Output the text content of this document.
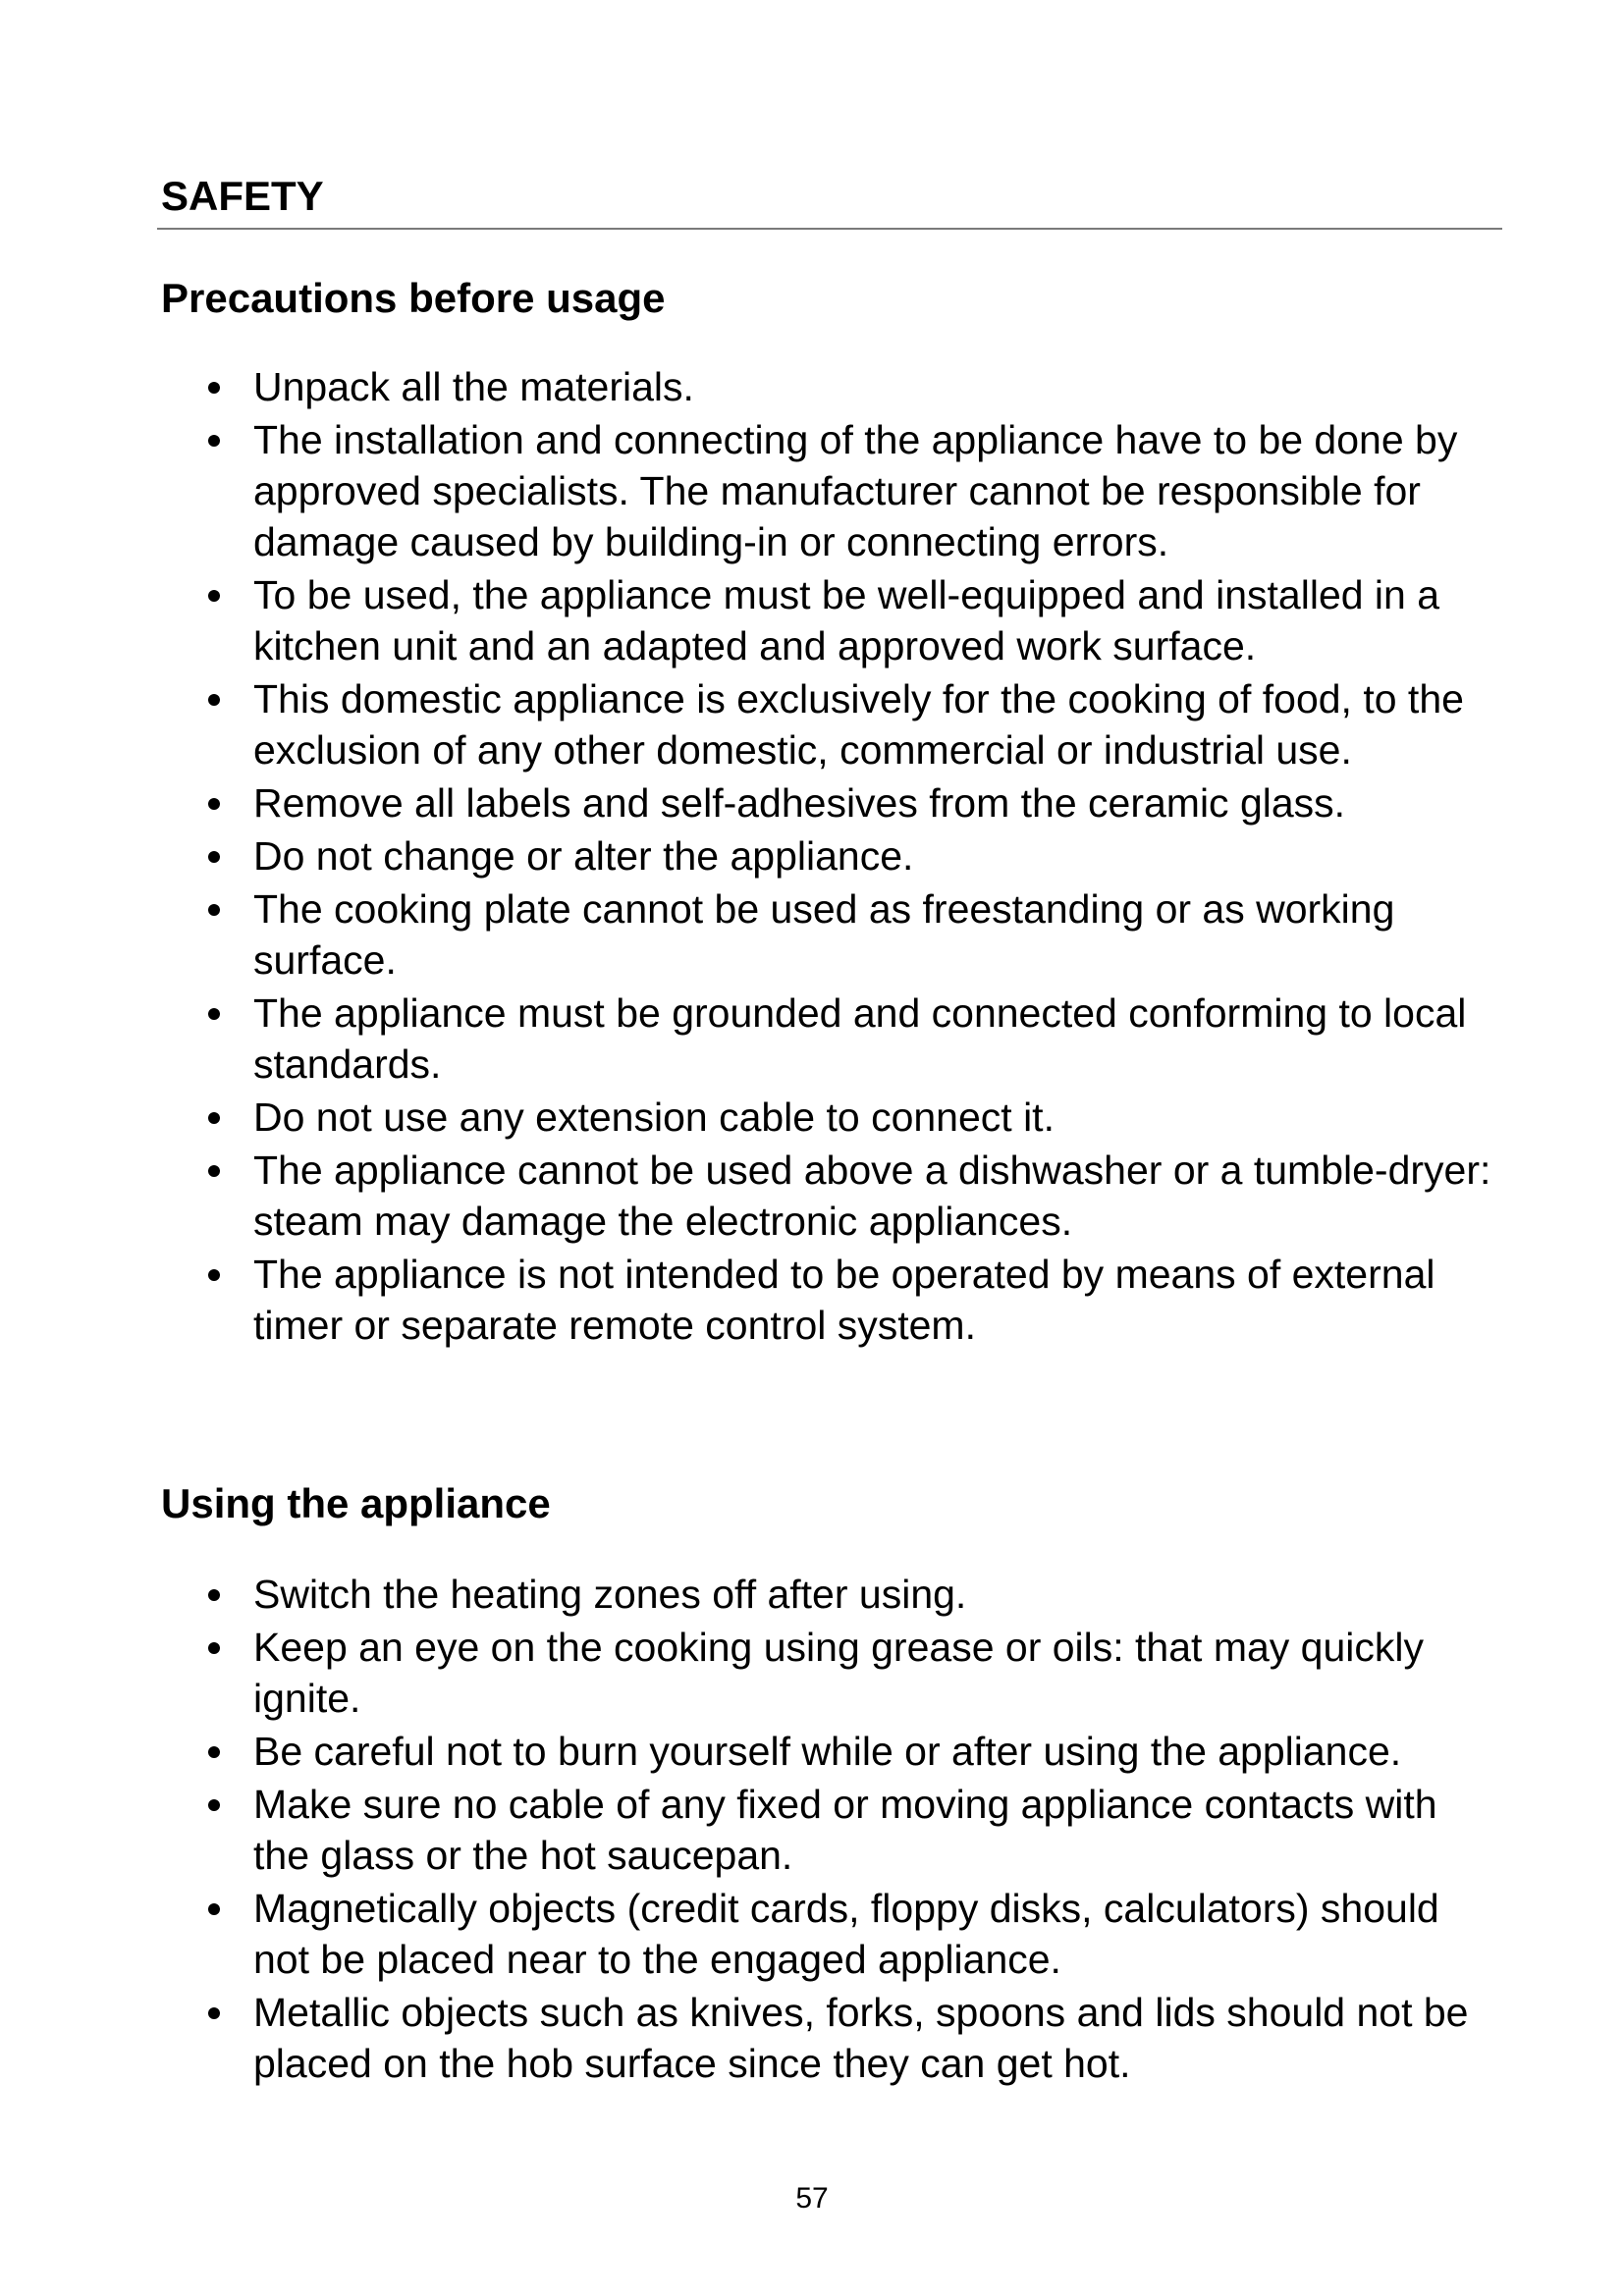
SAFETY
Precautions before usage
Unpack all the materials.
The installation and connecting of the appliance have to be done by approved specialists. The manufacturer cannot be responsible for damage caused by building-in or connecting errors.
To be used, the appliance must be well-equipped and installed in a kitchen unit and an adapted and approved work surface.
This domestic appliance is exclusively for the cooking of food, to the exclusion of any other domestic, commercial or industrial use.
Remove all labels and self-adhesives from the ceramic glass.
Do not change or alter the appliance.
The cooking plate cannot be used as freestanding or as working surface.
The appliance must be grounded and connected conforming to local standards.
Do not use any extension cable to connect it.
The appliance cannot be used above a dishwasher or a tumble-dryer: steam may damage the electronic appliances.
The appliance is not intended to be operated by means of external timer or separate remote control system.
Using the appliance
Switch the heating zones off after using.
Keep an eye on the cooking using grease or oils: that may quickly ignite.
Be careful not to burn yourself while or after using the appliance.
Make sure no cable of any fixed or moving appliance contacts with the glass or the hot saucepan.
Magnetically objects (credit cards, floppy disks, calculators) should not be placed near to the engaged appliance.
Metallic objects such as knives, forks, spoons and lids should not be placed on the hob surface since they can get hot.
57
